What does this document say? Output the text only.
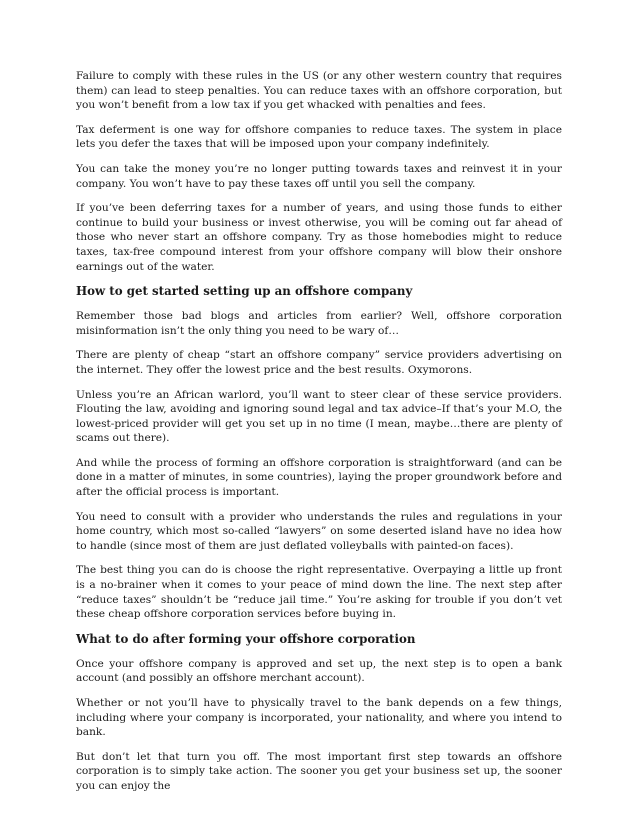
Failure to comply with these rules in the US (or any other western country that requires them) can lead to steep penalties. You can reduce taxes with an offshore corporation, but you won’t benefit from a low tax if you get whacked with penalties and fees.

Tax deferment is one way for offshore companies to reduce taxes. The system in place lets you defer the taxes that will be imposed upon your company indefinitely.

You can take the money you’re no longer putting towards taxes and reinvest it in your company. You won’t have to pay these taxes off until you sell the company.

If you’ve been deferring taxes for a number of years, and using those funds to either continue to build your business or invest otherwise, you will be coming out far ahead of those who never start an offshore company. Try as those homebodies might to reduce taxes, tax-free compound interest from your offshore company will blow their onshore earnings out of the water.

How to get started setting up an offshore company

Remember those bad blogs and articles from earlier? Well, offshore corporation misinformation isn’t the only thing you need to be wary of…

There are plenty of cheap “start an offshore company” service providers advertising on the internet. They offer the lowest price and the best results. Oxymorons.

Unless you’re an African warlord, you’ll want to steer clear of these service providers. Flouting the law, avoiding and ignoring sound legal and tax advice–If that’s your M.O, the lowest-priced provider will get you set up in no time (I mean, maybe…there are plenty of scams out there).

And while the process of forming an offshore corporation is straightforward (and can be done in a matter of minutes, in some countries), laying the proper groundwork before and after the official process is important.

You need to consult with a provider who understands the rules and regulations in your home country, which most so-called “lawyers” on some deserted island have no idea how to handle (since most of them are just deflated volleyballs with painted-on faces).

The best thing you can do is choose the right representative. Overpaying a little up front is a no-brainer when it comes to your peace of mind down the line. The next step after “reduce taxes” shouldn’t be “reduce jail time.” You’re asking for trouble if you don’t vet these cheap offshore corporation services before buying in.

What to do after forming your offshore corporation

Once your offshore company is approved and set up, the next step is to open a bank account (and possibly an offshore merchant account).

Whether or not you’ll have to physically travel to the bank depends on a few things, including where your company is incorporated, your nationality, and where you intend to bank.

But don’t let that turn you off. The most important first step towards an offshore corporation is to simply take action. The sooner you get your business set up, the sooner you can enjoy the
